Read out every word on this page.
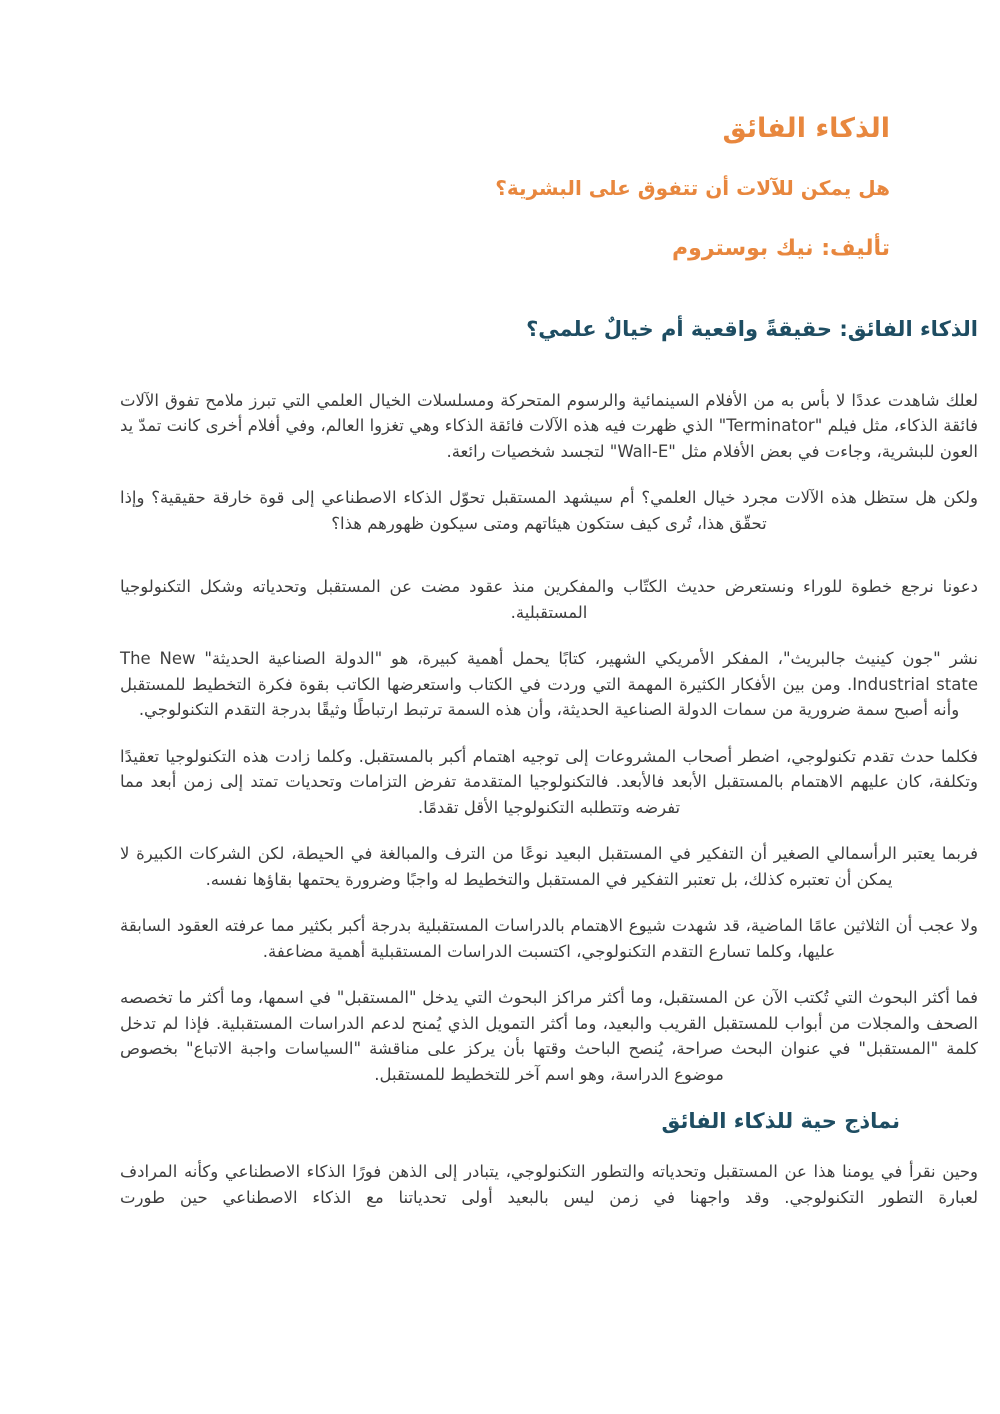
الذكاء الفائق
هل يمكن للآلات أن تتفوق على البشرية؟
تأليف: نيك بوستروم
الذكاء الفائق: حقيقةً واقعية أم خيالٌ علمي؟

لعلك شاهدت عددًا لا بأس به من الأفلام السينمائية والرسوم المتحركة ومسلسلات الخيال العلمي التي تبرز ملامح تفوق الآلات فائقة الذكاء، مثل فيلم "Terminator" الذي ظهرت فيه هذه الآلات فائقة الذكاء وهي تغزوا العالم، وفي أفلام أخرى كانت تمدّ يد العون للبشرية، وجاءت في بعض الأفلام مثل "Wall-E" لتجسد شخصيات رائعة.

ولكن هل ستظل هذه الآلات مجرد خيال العلمي؟ أم سيشهد المستقبل تحوّل الذكاء الاصطناعي إلى قوة خارقة حقيقية؟ وإذا تحقّق هذا، تُرى كيف ستكون هيئاتهم ومتى سيكون ظهورهم هذا؟

دعونا نرجع خطوة للوراء ونستعرض حديث الكتّاب والمفكرين منذ عقود مضت عن المستقبل وتحدياته وشكل التكنولوجيا المستقبلية.

نشر "جون كينيث جالبريث"، المفكر الأمريكي الشهير، كتابًا يحمل أهمية كبيرة، هو "الدولة الصناعية الحديثة" The New Industrial state. ومن بين الأفكار الكثيرة المهمة التي وردت في الكتاب واستعرضها الكاتب بقوة فكرة التخطيط للمستقبل وأنه أصبح سمة ضرورية من سمات الدولة الصناعية الحديثة، وأن هذه السمة ترتبط ارتباطًا وثيقًا بدرجة التقدم التكنولوجي.

فكلما حدث تقدم تكنولوجي، اضطر أصحاب المشروعات إلى توجيه اهتمام أكبر بالمستقبل. وكلما زادت هذه التكنولوجيا تعقيدًا وتكلفة، كان عليهم الاهتمام بالمستقبل الأبعد فالأبعد. فالتكنولوجيا المتقدمة تفرض التزامات وتحديات تمتد إلى زمن أبعد مما تفرضه وتتطلبه التكنولوجيا الأقل تقدمًا.

فربما يعتبر الرأسمالي الصغير أن التفكير في المستقبل البعيد نوعًا من الترف والمبالغة في الحيطة، لكن الشركات الكبيرة لا يمكن أن تعتبره كذلك، بل تعتبر التفكير في المستقبل والتخطيط له واجبًا وضرورة يحتمها بقاؤها نفسه.

ولا عجب أن الثلاثين عامًا الماضية، قد شهدت شيوع الاهتمام بالدراسات المستقبلية بدرجة أكبر بكثير مما عرفته العقود السابقة عليها، وكلما تسارع التقدم التكنولوجي، اكتسبت الدراسات المستقبلية أهمية مضاعفة.

فما أكثر البحوث التي تُكتب الآن عن المستقبل، وما أكثر مراكز البحوث التي يدخل "المستقبل" في اسمها، وما أكثر ما تخصصه الصحف والمجلات من أبواب للمستقبل القريب والبعيد، وما أكثر التمويل الذي يُمنح لدعم الدراسات المستقبلية. فإذا لم تدخل كلمة "المستقبل" في عنوان البحث صراحة، يُنصح الباحث وقتها بأن يركز على مناقشة "السياسات واجبة الاتباع" بخصوص موضوع الدراسة، وهو اسم آخر للتخطيط للمستقبل.

نماذج حية للذكاء الفائق

وحين نقرأ في يومنا هذا عن المستقبل وتحدياته والتطور التكنولوجي، يتبادر إلى الذهن فورًا الذكاء الاصطناعي وكأنه المرادف لعبارة التطور التكنولوجي. وقد واجهنا في زمن ليس بالبعيد أولى تحدياتنا مع الذكاء الاصطناعي حين طورت
